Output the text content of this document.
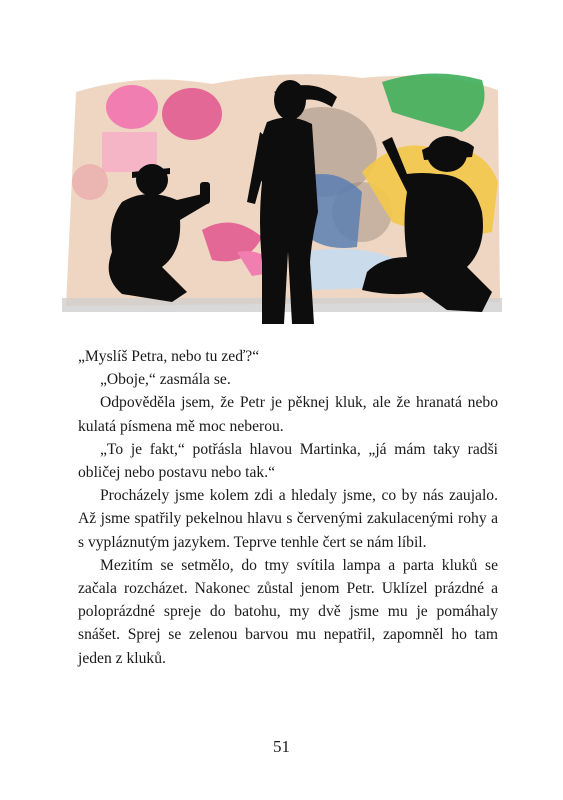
„Myslíš Petra, nebo tu zeď?“

„Oboje,“ zasmála se.

Odpověděla jsem, že Petr je pěknej kluk, ale že hranatá nebo kulatá písmena mě moc neberou.

„To je fakt,“ potřásla hlavou Martinka, „já mám taky radši obličej nebo postavu nebo tak.“

Procházely jsme kolem zdi a hledaly jsme, co by nás zaujalo. Až jsme spatřily pekelnou hlavu s červenými zakulacenými rohy a s vypláznutým jazykem. Teprve tenhle čert se nám líbil.

Mezitím se setmělo, do tmy svítila lampa a parta kluků se začala rozcházet. Nakonec zůstal jenom Petr. Uklízel prázdné a poloprázdné spreje do batohu, my dvě jsme mu je pomáhaly snášet. Sprej se zelenou barvou mu nepatřil, zapomněl ho tam jeden z kluků.

51
